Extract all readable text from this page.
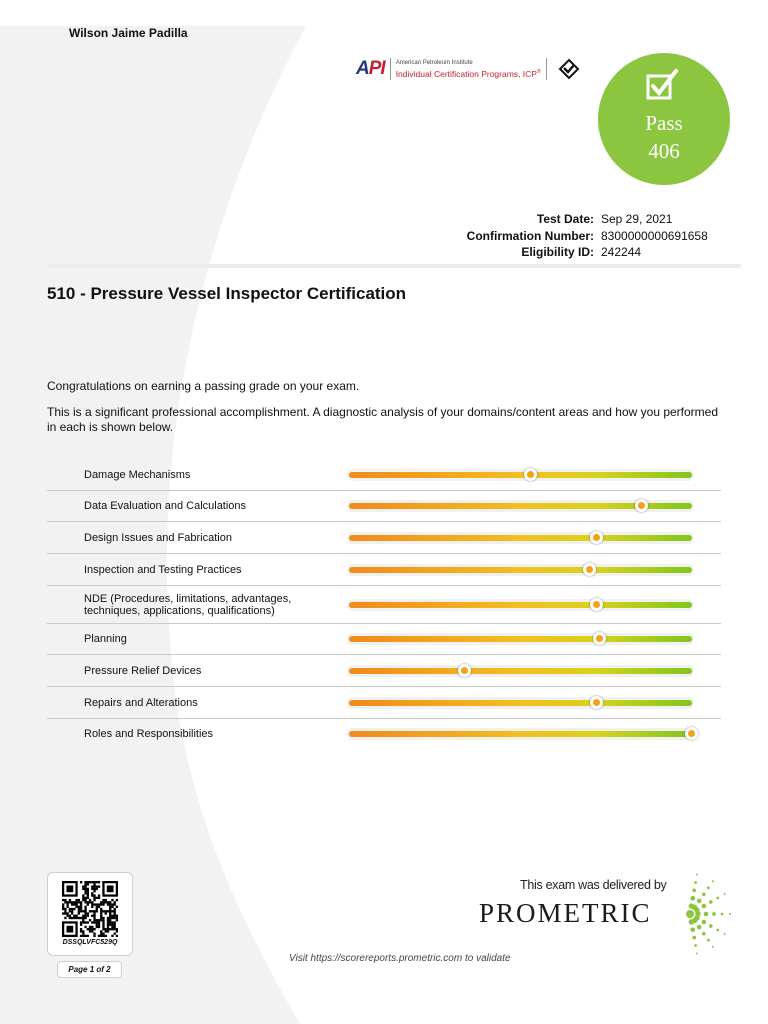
Wilson Jaime Padilla
API American Petroleum Institute
Individual Certification Programs, ICP®
Pass
406
Test Date: Sep 29, 2021
Confirmation Number: 8300000000691658
Eligibility ID: 242244
510 - Pressure Vessel Inspector Certification
Congratulations on earning a passing grade on your exam.
This is a significant professional accomplishment. A diagnostic analysis of your domains/content areas and how you performed in each is shown below.
Damage Mechanisms
Data Evaluation and Calculations
Design Issues and Fabrication
Inspection and Testing Practices
NDE (Procedures, limitations, advantages, techniques, applications, qualifications)
Planning
Pressure Relief Devices
Repairs and Alterations
Roles and Responsibilities
DSSQLVFC529Q
Page 1 of 2
This exam was delivered by
PROMETRIC
Visit https://scorereports.prometric.com to validate
